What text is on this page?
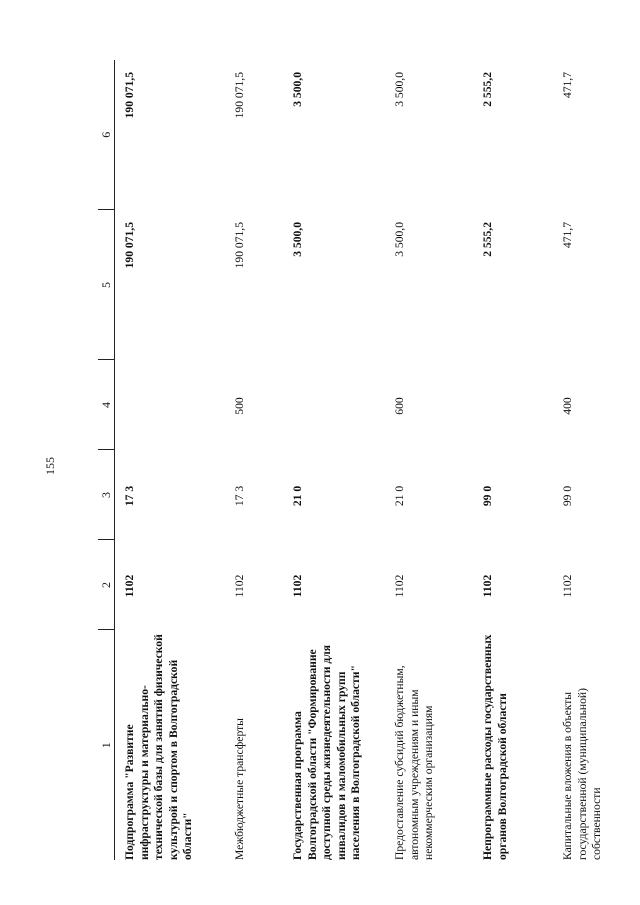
155
1	2	3	4	5	6
Подпрограмма "Развитие инфраструктуры и материально-технической базы для занятий физической культурой и спортом в Волгоградской области"	1102	17 3		190 071,5	190 071,5
Межбюджетные трансферты	1102	17 3	500	190 071,5	190 071,5
Государственная программа Волгоградской области "Формирование доступной среды жизнедеятельности для инвалидов и маломобильных групп населения в Волгоградской области"	1102	21 0		3 500,0	3 500,0
Предоставление субсидий бюджетным, автономным учреждениям и иным некоммерческим организациям	1102	21 0	600	3 500,0	3 500,0
Непрограммные расходы государственных органов Волгоградской области	1102	99 0		2 555,2	2 555,2
Капитальные вложения в объекты государственной (муниципальной) собственности	1102	99 0	400	471,7	471,7
